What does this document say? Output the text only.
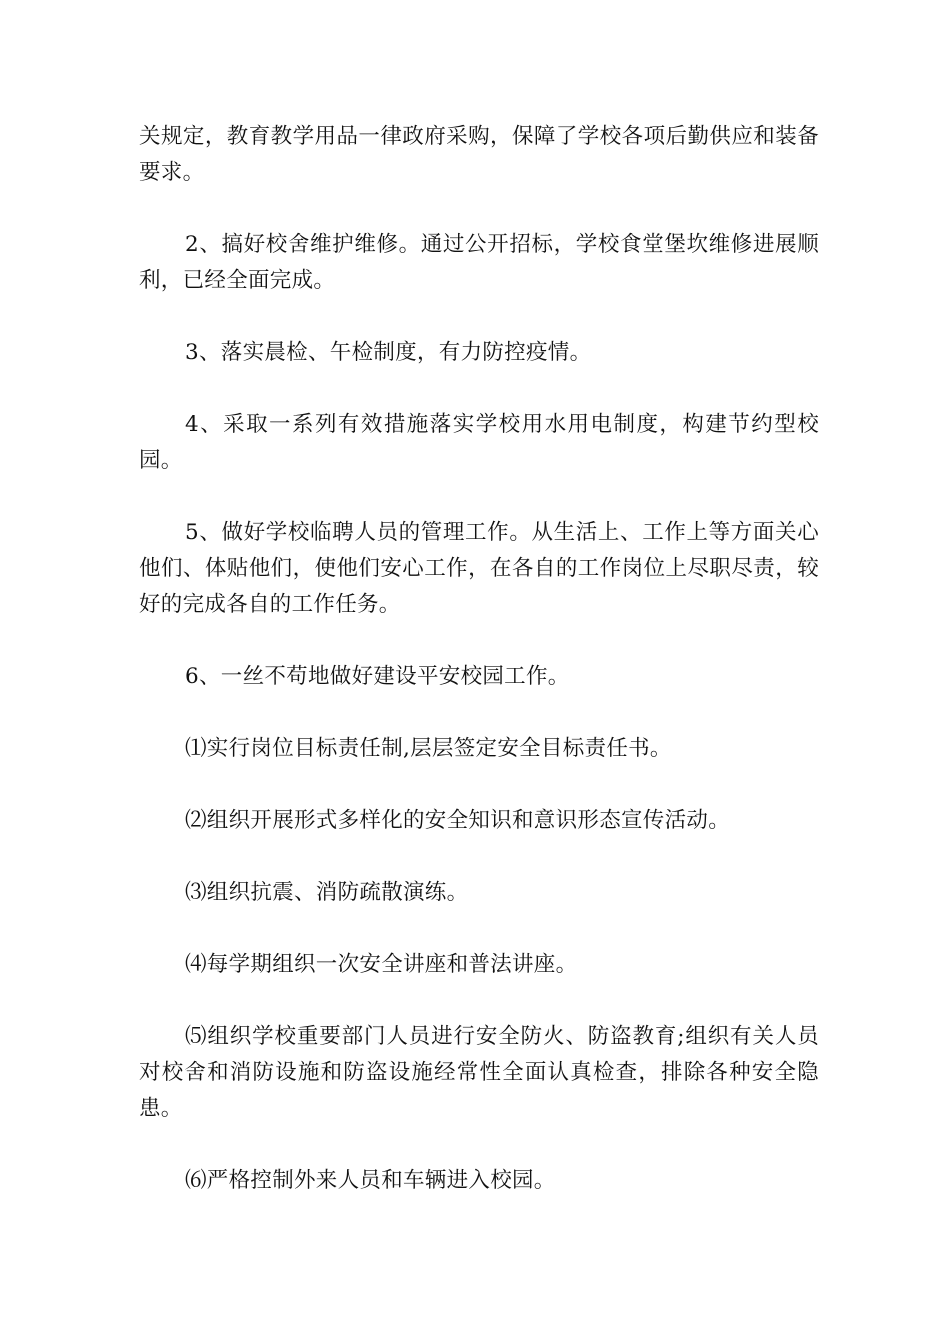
关规定，教育教学用品一律政府采购，保障了学校各项后勤供应和装备要求。

2、搞好校舍维护维修。通过公开招标，学校食堂堡坎维修进展顺利，已经全面完成。

3、落实晨检、午检制度，有力防控疫情。

4、采取一系列有效措施落实学校用水用电制度，构建节约型校园。

5、做好学校临聘人员的管理工作。从生活上、工作上等方面关心他们、体贴他们，使他们安心工作，在各自的工作岗位上尽职尽责，较好的完成各自的工作任务。

6、一丝不苟地做好建设平安校园工作。

⑴实行岗位目标责任制,层层签定安全目标责任书。

⑵组织开展形式多样化的安全知识和意识形态宣传活动。

⑶组织抗震、消防疏散演练。

⑷每学期组织一次安全讲座和普法讲座。

⑸组织学校重要部门人员进行安全防火、防盗教育;组织有关人员对校舍和消防设施和防盗设施经常性全面认真检查，排除各种安全隐患。

⑹严格控制外来人员和车辆进入校园。
